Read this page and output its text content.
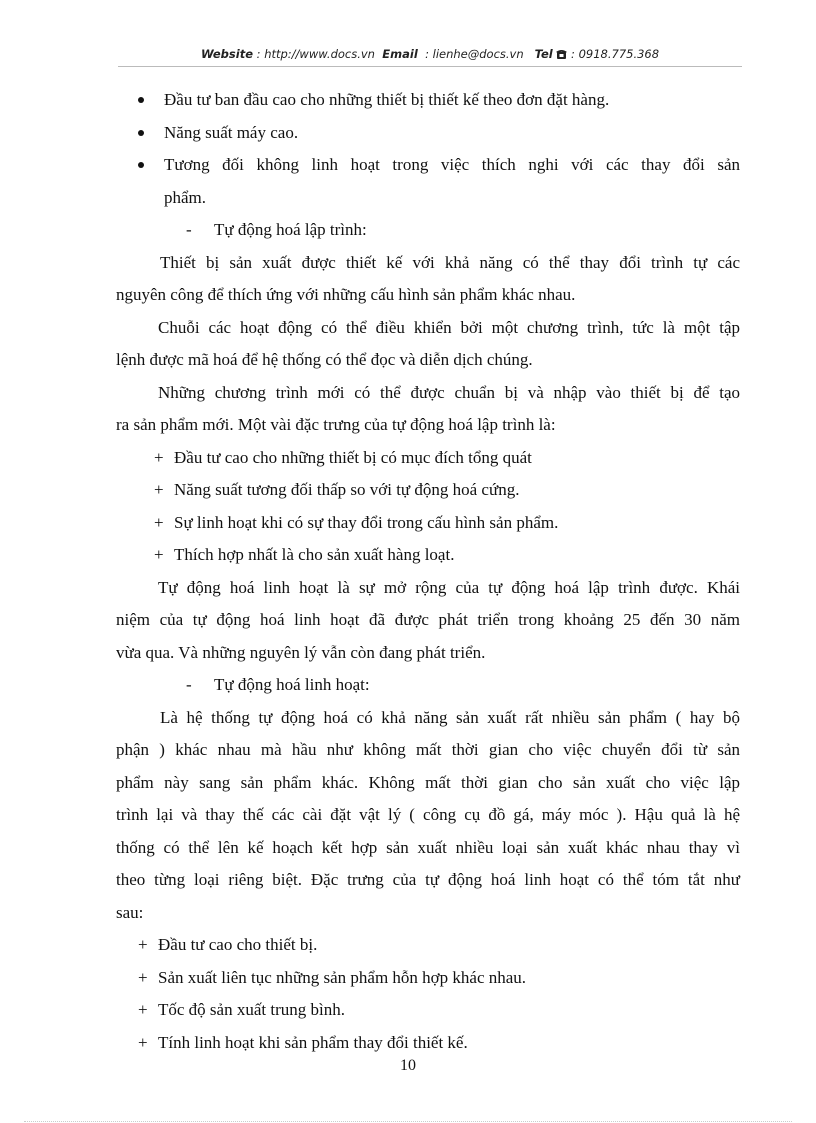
Website : http://www.docs.vn Email  : lienhe@docs.vn Tel  : 0918.775.368
Đầu tư ban đầu cao cho những thiết bị thiết kế theo đơn đặt hàng.
Năng suất máy cao.
Tương đối không linh hoạt trong việc thích nghi với các thay đổi sản
phẩm.
- Tự động hoá lập trình:
Thiết bị sản xuất được thiết kế với khả năng có thể thay đổi trình tự các
nguyên công để thích ứng với những cấu hình sản phẩm khác nhau.
Chuỗi các hoạt động có thể điều khiển bởi một chương trình, tức là một tập
lệnh được mã hoá để hệ thống có thể đọc và diễn dịch chúng.
Những chương trình mới có thể được chuẩn bị và nhập vào thiết bị để tạo
ra sản phẩm mới. Một vài đặc trưng của tự động hoá lập trình là:
+ Đầu tư cao cho những thiết bị có mục đích tổng quát
+ Năng suất tương đối thấp so với tự động hoá cứng.
+ Sự linh hoạt khi có sự thay đổi trong cấu hình sản phẩm.
+ Thích hợp nhất là cho sản xuất hàng loạt.
Tự động hoá linh hoạt là sự mở rộng của tự động hoá lập trình được. Khái
niệm của tự động hoá linh hoạt đã được phát triển trong khoảng 25 đến 30 năm
vừa qua. Và những nguyên lý vẫn còn đang phát triển.
- Tự động hoá linh hoạt:
Là hệ thống tự động hoá có khả năng sản xuất rất nhiều sản phẩm ( hay bộ
phận ) khác nhau mà hầu như không mất thời gian cho việc chuyển đổi từ sản
phẩm này sang sản phẩm khác. Không mất thời gian cho sản xuất cho việc lập
trình lại và thay thế các cài đặt vật lý ( công cụ đồ gá, máy móc ). Hậu quả là hệ
thống có thể lên kế hoạch kết hợp sản xuất nhiều loại sản xuất khác nhau thay vì
theo từng loại riêng biệt. Đặc trưng của tự động hoá linh hoạt có thể tóm tắt như
sau:
+ Đầu tư cao cho thiết bị.
+ Sản xuất liên tục những sản phẩm hỗn hợp khác nhau.
+ Tốc độ sản xuất trung bình.
+ Tính linh hoạt khi sản phẩm thay đổi thiết kế.
10
